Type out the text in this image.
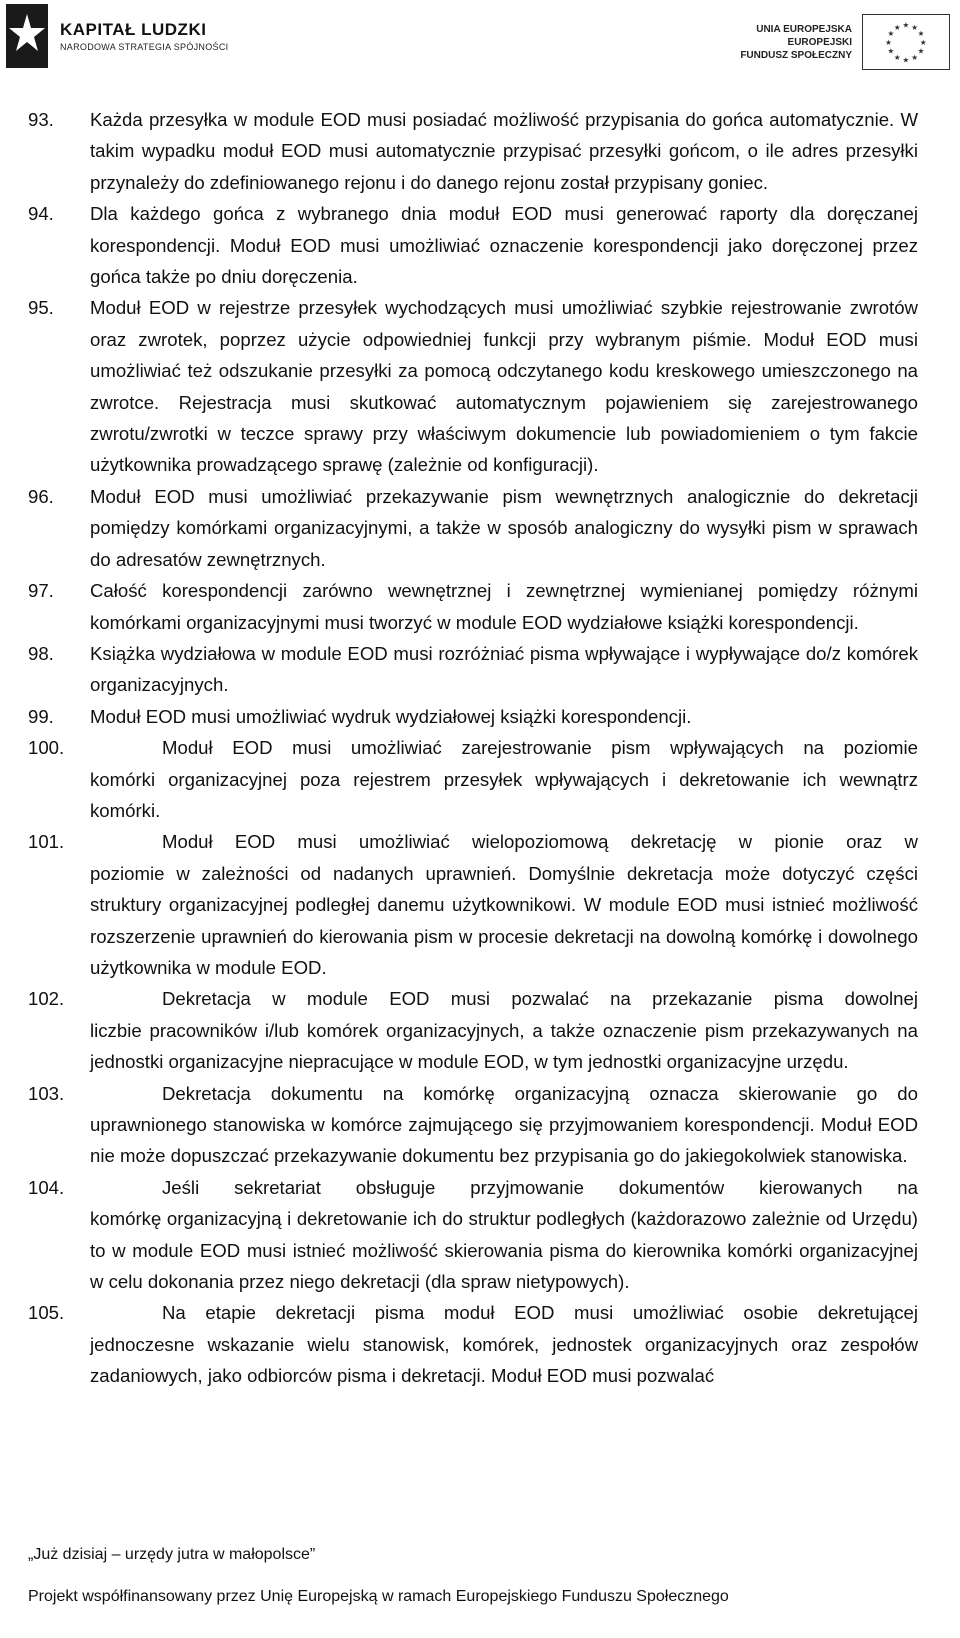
KAPITAŁ LUDZKI
NARODOWA STRATEGIA SPÓJNOŚCI
UNIA EUROPEJSKA
EUROPEJSKI
FUNDUSZ SPOŁECZNY
★
★
★
★
★
★
★
★
★ ★ ★
★
93.	Każda przesyłka w module EOD musi posiadać możliwość przypisania do gońca automatycznie. W takim wypadku moduł EOD musi automatycznie przypisać przesyłki gońcom, o ile adres przesyłki przynależy do zdefiniowanego rejonu i do danego rejonu został przypisany goniec.
94.	Dla każdego gońca z wybranego dnia moduł EOD musi generować raporty dla doręczanej korespondencji. Moduł EOD musi umożliwiać oznaczenie korespondencji jako doręczonej przez gońca także po dniu doręczenia.
95.	Moduł EOD w rejestrze przesyłek wychodzących musi umożliwiać szybkie rejestrowanie zwrotów oraz zwrotek, poprzez użycie odpowiedniej funkcji przy wybranym piśmie. Moduł EOD musi umożliwiać też odszukanie przesyłki za pomocą odczytanego kodu kreskowego umieszczonego na zwrotce. Rejestracja musi skutkować automatycznym pojawieniem się zarejestrowanego zwrotu/zwrotki w teczce sprawy przy właściwym dokumencie lub powiadomieniem o tym fakcie użytkownika prowadzącego sprawę (zależnie od konfiguracji).
96.	Moduł EOD musi umożliwiać przekazywanie pism wewnętrznych analogicznie do dekretacji pomiędzy komórkami organizacyjnymi, a także w sposób analogiczny do wysyłki pism w sprawach do adresatów zewnętrznych.
97.	Całość korespondencji zarówno wewnętrznej i zewnętrznej wymienianej pomiędzy różnymi komórkami organizacyjnymi musi tworzyć w module EOD wydziałowe książki korespondencji.
98.	Książka wydziałowa w module EOD musi rozróżniać pisma wpływające i wypływające do/z komórek organizacyjnych.
99.	Moduł EOD musi umożliwiać wydruk wydziałowej książki korespondencji.
100.	Moduł EOD musi umożliwiać zarejestrowanie pism wpływających na poziomie
komórki organizacyjnej poza rejestrem przesyłek wpływających i dekretowanie ich wewnątrz komórki.
101.	Moduł EOD musi umożliwiać wielopoziomową dekretację w pionie oraz w
poziomie w zależności od nadanych uprawnień. Domyślnie dekretacja może dotyczyć części struktury organizacyjnej podległej danemu użytkownikowi. W module EOD musi istnieć możliwość rozszerzenie uprawnień do kierowania pism w procesie dekretacji na dowolną komórkę i dowolnego użytkownika w module EOD.
102.	Dekretacja w module EOD musi pozwalać na przekazanie pisma dowolnej
liczbie pracowników i/lub komórek organizacyjnych, a także oznaczenie pism przekazywanych na jednostki organizacyjne niepracujące w module EOD, w tym jednostki organizacyjne urzędu.
103.	Dekretacja dokumentu na komórkę organizacyjną oznacza skierowanie go do
uprawnionego stanowiska w komórce zajmującego się przyjmowaniem korespondencji. Moduł EOD nie może dopuszczać przekazywanie dokumentu bez przypisania go do jakiegokolwiek stanowiska.
104.	Jeśli sekretariat obsługuje przyjmowanie dokumentów kierowanych na
komórkę organizacyjną i dekretowanie ich do struktur podległych (każdorazowo zależnie od Urzędu) to w module EOD musi istnieć możliwość skierowania pisma do kierownika komórki organizacyjnej w celu dokonania przez niego dekretacji (dla spraw nietypowych).
105.	Na etapie dekretacji pisma moduł EOD musi umożliwiać osobie dekretującej
jednoczesne wskazanie wielu stanowisk, komórek, jednostek organizacyjnych oraz zespołów zadaniowych, jako odbiorców pisma i dekretacji. Moduł EOD musi pozwalać
„Już dzisiaj – urzędy jutra w małopolsce”
Projekt współfinansowany przez Unię Europejską w ramach Europejskiego Funduszu Społecznego
